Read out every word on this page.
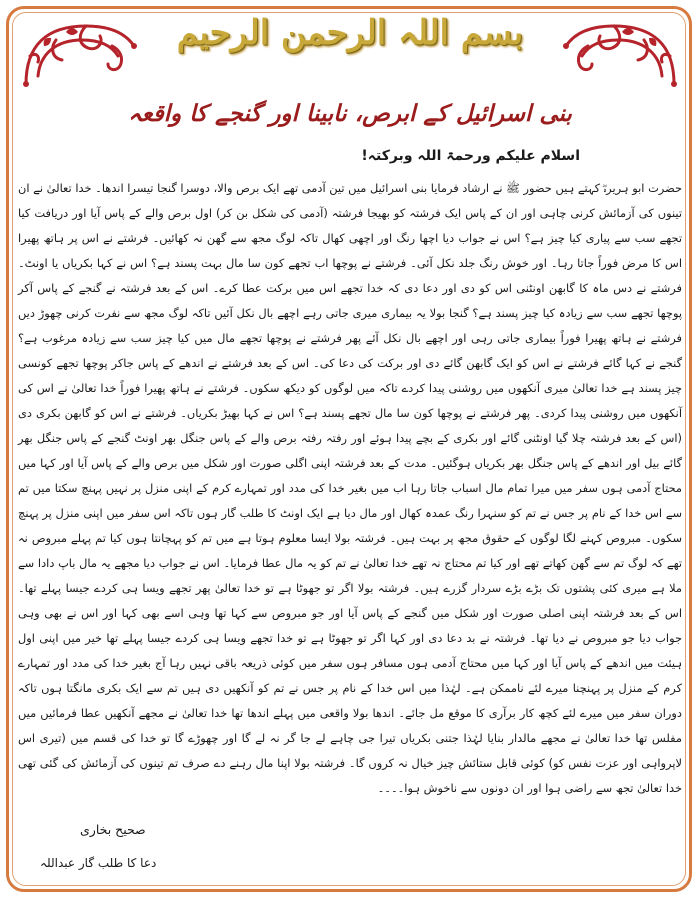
بسم اللہ الرحمن الرحیم
بنی اسرائیل کے ابرص، نابینا اور گنجے کا واقعہ
اسلام علیکم ورحمۃ اللہ وبرکتہ!
حضرت ابو ہریرہؓ کہتے ہیں حضور ﷺ نے ارشاد فرمایا بنی اسرائیل میں تین آدمی تھے ایک برص والا، دوسرا گنجا تیسرا اندھا۔ خدا تعالیٰ نے ان تینوں کی آزمائش کرنی چاہی اور ان کے پاس ایک فرشتہ کو بھیجا فرشتہ (آدمی کی شکل بن کر) اول برص والے کے پاس آیا اور دریافت کیا تجھے سب سے پیاری کیا چیز ہے؟ اس نے جواب دیا اچھا رنگ اور اچھی کھال تاکہ لوگ مجھ سے گھن نہ کھائیں۔ فرشتے نے اس پر ہاتھ پھیرا اس کا مرض فوراً جاتا رہا۔ اور خوش رنگ جلد نکل آئی۔ فرشتے نے پوچھا اب تجھے کون سا مال بہت پسند ہے؟ اس نے کہا بکریاں یا اونٹ۔ فرشتے نے دس ماہ کا گابھن اونٹنی اس کو دی اور دعا دی کہ خدا تجھے اس میں برکت عطا کرے۔ اس کے بعد فرشتہ نے گنجے کے پاس آکر پوچھا تجھے سب سے زیادہ کیا چیز پسند ہے؟ گنجا بولا یہ بیماری میری جاتی رہے اچھے بال نکل آئیں تاکہ لوگ مجھ سے نفرت کرنی چھوڑ دیں فرشتے نے ہاتھ پھیرا فوراً بیماری جاتی رہی اور اچھے بال نکل آئے پھر فرشتے نے پوچھا تجھے مال میں کیا چیز سب سے زیادہ مرغوب ہے؟ گنجے نے کہا گائے فرشتے نے اس کو ایک گابھن گائے دی اور برکت کی دعا کی۔ اس کے بعد فرشتے نے اندھے کے پاس جاکر پوچھا تجھے کونسی چیز پسند ہے خدا تعالیٰ میری آنکھوں میں روشنی پیدا کردے تاکہ میں لوگوں کو دیکھ سکوں۔ فرشتے نے ہاتھ پھیرا فوراً خدا تعالیٰ نے اس کی آنکھوں میں روشنی پیدا کردی۔ پھر فرشتے نے پوچھا کون سا مال تجھے پسند ہے؟ اس نے کہا بھیڑ بکریاں۔ فرشتے نے اس کو گابھن بکری دی (اس کے بعد فرشتہ چلا گیا اونٹنی گائے اور بکری کے بچے پیدا ہوئے اور رفتہ رفتہ برص والے کے پاس جنگل بھر اونٹ گنجے کے پاس جنگل بھر گائے بیل اور اندھے کے پاس جنگل بھر بکریاں ہوگئیں۔ مدت کے بعد فرشتہ اپنی اگلی صورت اور شکل میں برص والے کے پاس آیا اور کہا میں محتاج آدمی ہوں سفر میں میرا تمام مال اسباب جاتا رہا اب میں بغیر خدا کی مدد اور تمہارے کرم کے اپنی منزل پر نہیں پہنچ سکتا میں تم سے اس خدا کے نام پر جس نے تم کو سنہرا رنگ عمدہ کھال اور مال دیا ہے ایک اونٹ کا طلب گار ہوں تاکہ اس سفر میں اپنی منزل پر پہنچ سکوں۔ مبروص کہنے لگا لوگوں کے حقوق مجھ پر بہت ہیں۔ فرشتہ بولا ایسا معلوم ہوتا ہے میں تم کو پہچانتا ہوں کیا تم پہلے مبروص نہ تھے کہ لوگ تم سے گھن کھاتے تھے اور کیا تم محتاج نہ تھے خدا تعالیٰ نے تم کو یہ مال عطا فرمایا۔ اس نے جواب دیا مجھے یہ مال باپ دادا سے ملا ہے میری کئی پشتوں تک بڑے بڑے سردار گزرے ہیں۔ فرشتہ بولا اگر تو جھوٹا ہے تو خدا تعالیٰ پھر تجھے ویسا ہی کردے جیسا پہلے تھا۔ اس کے بعد فرشتہ اپنی اصلی صورت اور شکل میں گنجے کے پاس آیا اور جو مبروص سے کہا تھا وہی اسے بھی کہا اور اس نے بھی وہی جواب دیا جو مبروص نے دیا تھا۔ فرشتہ نے بد دعا دی اور کہا اگر تو جھوٹا ہے تو خدا تجھے ویسا ہی کردے جیسا پہلے تھا خیر میں اپنی اول ہیئت میں اندھے کے پاس آیا اور کہا میں محتاج آدمی ہوں مسافر ہوں سفر میں کوئی ذریعہ باقی نہیں رہا آج بغیر خدا کی مدد اور تمہارے کرم کے منزل پر پہنچنا میرے لئے ناممکن ہے۔ لہٰذا میں اس خدا کے نام پر جس نے تم کو آنکھیں دی ہیں تم سے ایک بکری مانگتا ہوں تاکہ دوران سفر میں میرے لئے کچھ کار برآری کا موقع مل جائے۔ اندھا بولا واقعی میں پہلے اندھا تھا خدا تعالیٰ نے مجھے آنکھیں عطا فرمائیں میں مفلس تھا خدا تعالیٰ نے مجھے مالدار بنایا لہٰذا جتنی بکریاں تیرا جی چاہے لے جا گر نہ لے گا اور چھوڑے گا تو خدا کی قسم میں (تیری اس لاپرواہی اور عزت نفس کو) کوئی قابل ستائش چیز خیال نہ کروں گا۔ فرشتہ بولا اپنا مال رہنے دے صرف تم تینوں کی آزمائش کی گئی تھی خدا تعالیٰ تجھ سے راضی ہوا اور ان دونوں سے ناخوش ہوا۔۔۔۔
صحیح بخاری
دعا کا طلب گار عبداللہ
